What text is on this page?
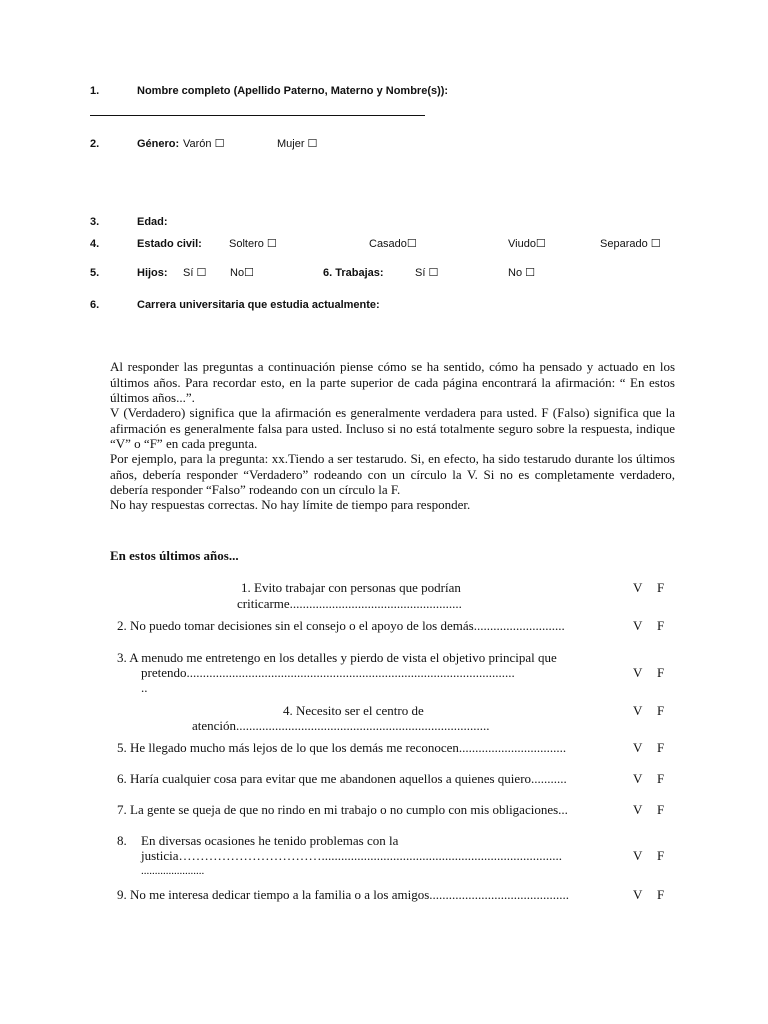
1.	Nombre completo (Apellido Paterno, Materno y Nombre(s)):
2.	Género: Varón ☐	Mujer ☐
3.	Edad:
4.	Estado civil: Soltero ☐	Casado☐	Viudo☐	Separado ☐
5.	Hijos: Sí ☐ No☐	6. Trabajas:	Sí ☐	No ☐
6.	Carrera universitaria que estudia actualmente:
Al responder las preguntas a continuación piense cómo se ha sentido, cómo ha pensado y actuado en los últimos años. Para recordar esto, en la parte superior de cada página encontrará la afirmación: “ En estos últimos años...”.
V (Verdadero) significa que la afirmación es generalmente verdadera para usted. F (Falso) significa que la afirmación es generalmente falsa para usted. Incluso si no está totalmente seguro sobre la respuesta, indique “V” o “F” en cada pregunta.
Por ejemplo, para la pregunta: xx.Tiendo a ser testarudo. Si, en efecto, ha sido testarudo durante los últimos años, debería responder “Verdadero” rodeando con un círculo la V. Si no es completamente verdadero, debería responder “Falso” rodeando con un círculo la F.
No hay respuestas correctas. No hay límite de tiempo para responder.
En estos últimos años...
1. Evito trabajar con personas que podrían
criticarme.....................................................
V F
2. No puedo tomar decisiones sin el consejo o el apoyo de los demás............................	V F
3. A menudo me entretengo en los detalles y pierdo de vista el objetivo principal que
pretendo.....................................................................................................
..
V F
4. Necesito ser el centro de
atención..............................................................................
V F
5. He llegado mucho más lejos de lo que los demás me reconocen.................................	V F
6. Haría cualquier cosa para evitar que me abandonen aquellos a quienes quiero...........	V F
7. La gente se queja de que no rindo en mi trabajo o no cumplo con mis obligaciones...	V F
8. En diversas ocasiones he tenido problemas con la
justicia……………………………..........................................................................
.......................
V F
9. No me interesa dedicar tiempo a la familia o a los amigos...........................................	V F
